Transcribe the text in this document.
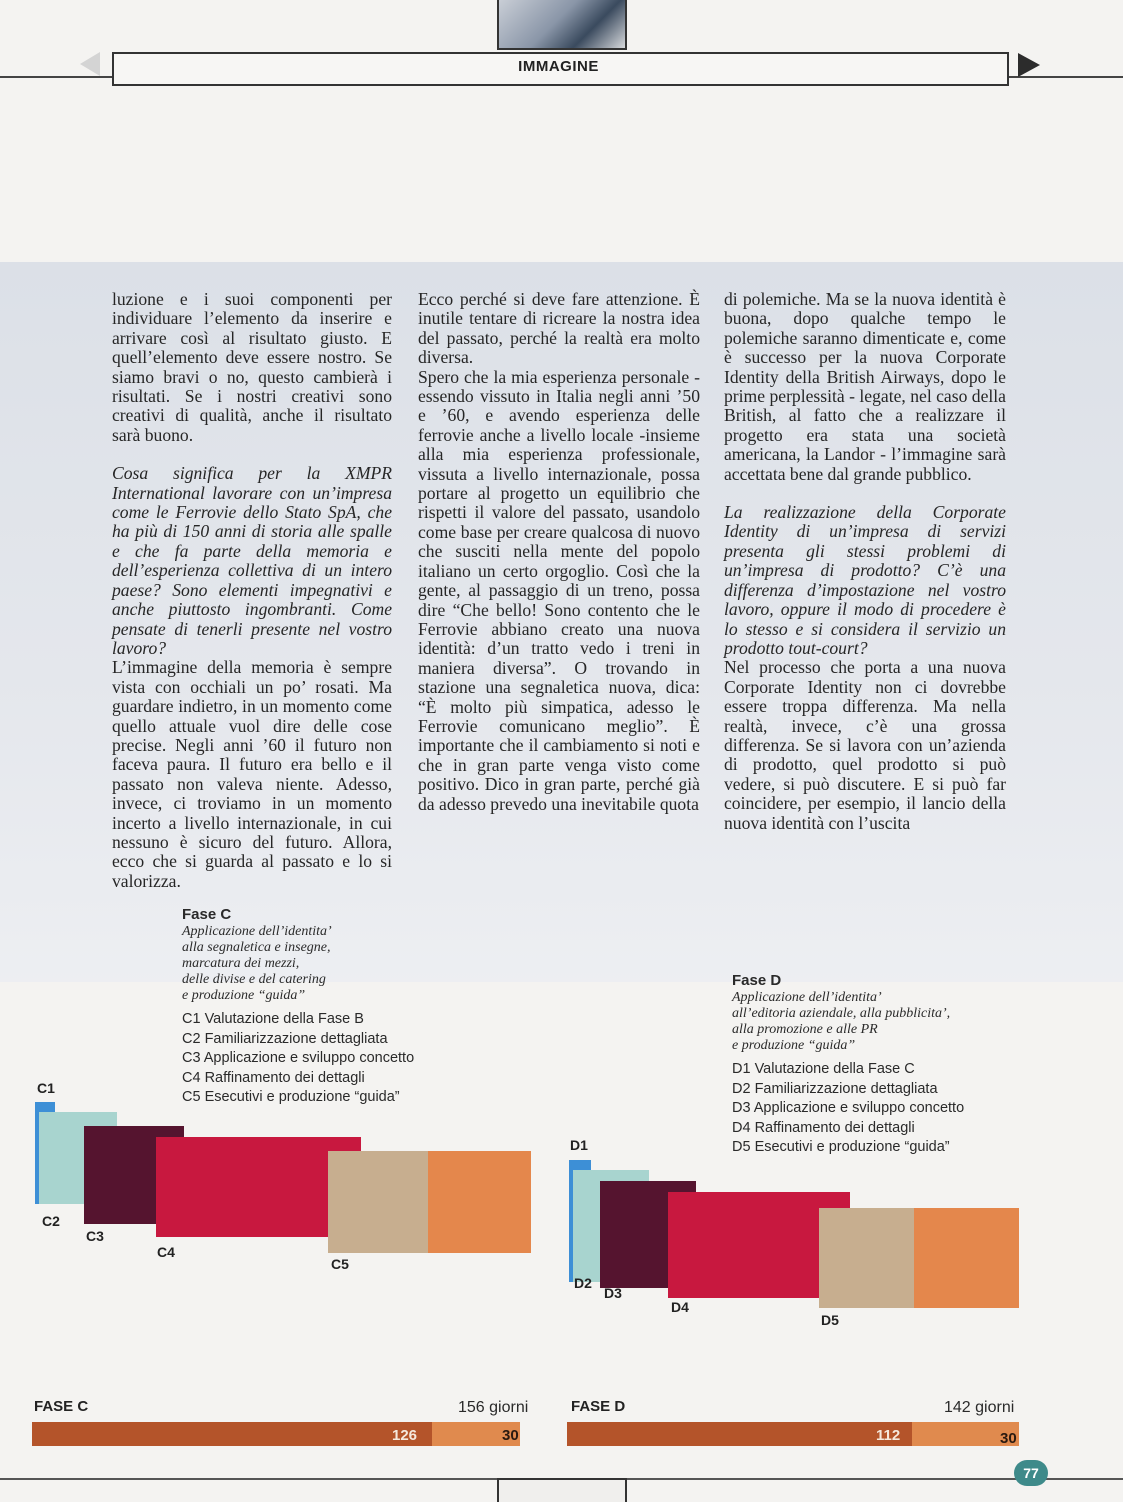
IMMAGINE

luzione e i suoi componenti per individuare l’elemento da inserire e arrivare così al risultato giusto. E quell’elemento deve essere nostro. Se siamo bravi o no, questo cambierà i risultati. Se i nostri creativi sono creativi di qualità, anche il risultato sarà buono.

Cosa significa per la XMPR International lavorare con un’impresa come le Ferrovie dello Stato SpA, che ha più di 150 anni di storia alle spalle e che fa parte della memoria e dell’esperienza collettiva di un intero paese? Sono elementi impegnativi e anche piuttosto ingombranti. Come pensate di tenerli presente nel vostro lavoro?

L’immagine della memoria è sempre vista con occhiali un po’ rosati. Ma guardare indietro, in un momento come quello attuale vuol dire delle cose precise. Negli anni ’60 il futuro non faceva paura. Il futuro era bello e il passato non valeva niente. Adesso, invece, ci troviamo in un momento incerto a livello internazionale, in cui nessuno è sicuro del futuro. Allora, ecco che si guarda al passato e lo si valorizza.

Ecco perché si deve fare attenzione. È inutile tentare di ricreare la nostra idea del passato, perché la realtà era molto diversa.

Spero che la mia esperienza personale - essendo vissuto in Italia negli anni ’50 e ’60, e avendo esperienza delle ferrovie anche a livello locale -insieme alla mia esperienza professionale, vissuta a livello internazionale, possa portare al progetto un equilibrio che rispetti il valore del passato, usandolo come base per creare qualcosa di nuovo che susciti nella mente del popolo italiano un certo orgoglio. Così che la gente, al passaggio di un treno, possa dire “Che bello! Sono contento che le Ferrovie abbiano creato una nuova identità: d’un tratto vedo i treni in maniera diversa”. O trovando in stazione una segnaletica nuova, dica: “È molto più simpatica, adesso le Ferrovie comunicano meglio”. È importante che il cambiamento si noti e che in gran parte venga visto come positivo. Dico in gran parte, perché già da adesso prevedo una inevitabile quota

di polemiche. Ma se la nuova identità è buona, dopo qualche tempo le polemiche saranno dimenticate e, come è successo per la nuova Corporate Identity della British Airways, dopo le prime perplessità - legate, nel caso della British, al fatto che a realizzare il progetto era stata una società americana, la Landor - l’immagine sarà accettata bene dal grande pubblico.

La realizzazione della Corporate Identity di un’impresa di servizi presenta gli stessi problemi di un’impresa di prodotto? C’è una differenza d’impostazione nel vostro lavoro, oppure il modo di procedere è lo stesso e si considera il servizio un prodotto tout-court?

Nel processo che porta a una nuova Corporate Identity non ci dovrebbe essere troppa differenza. Ma nella realtà, invece, c’è una grossa differenza. Se si lavora con un’azienda di prodotto, quel prodotto si può vedere, si può discutere. E si può far coincidere, per esempio, il lancio della nuova identità con l’uscita

Fase C
Applicazione dell’identita’
alla segnaletica e insegne,
marcatura dei mezzi,
delle divise e del catering
e produzione “guida”
C1 Valutazione della Fase B
C2 Familiarizzazione dettagliata
C3 Applicazione e sviluppo concetto
C4 Raffinamento dei dettagli
C5 Esecutivi e produzione “guida”
Fase D
Applicazione dell’identita’
all’editoria aziendale, alla pubblicita’,
alla promozione e alle PR
e produzione “guida”
D1 Valutazione della Fase C
D2 Familiarizzazione dettagliata
D3 Applicazione e sviluppo concetto
D4 Raffinamento dei dettagli
D5 Esecutivi e produzione “guida”
C1
C2
C3
C4
C5
D1
D2
D3
D4
D5
FASE C	156 giorni
126	30
FASE D	142 giorni
112	30
77
